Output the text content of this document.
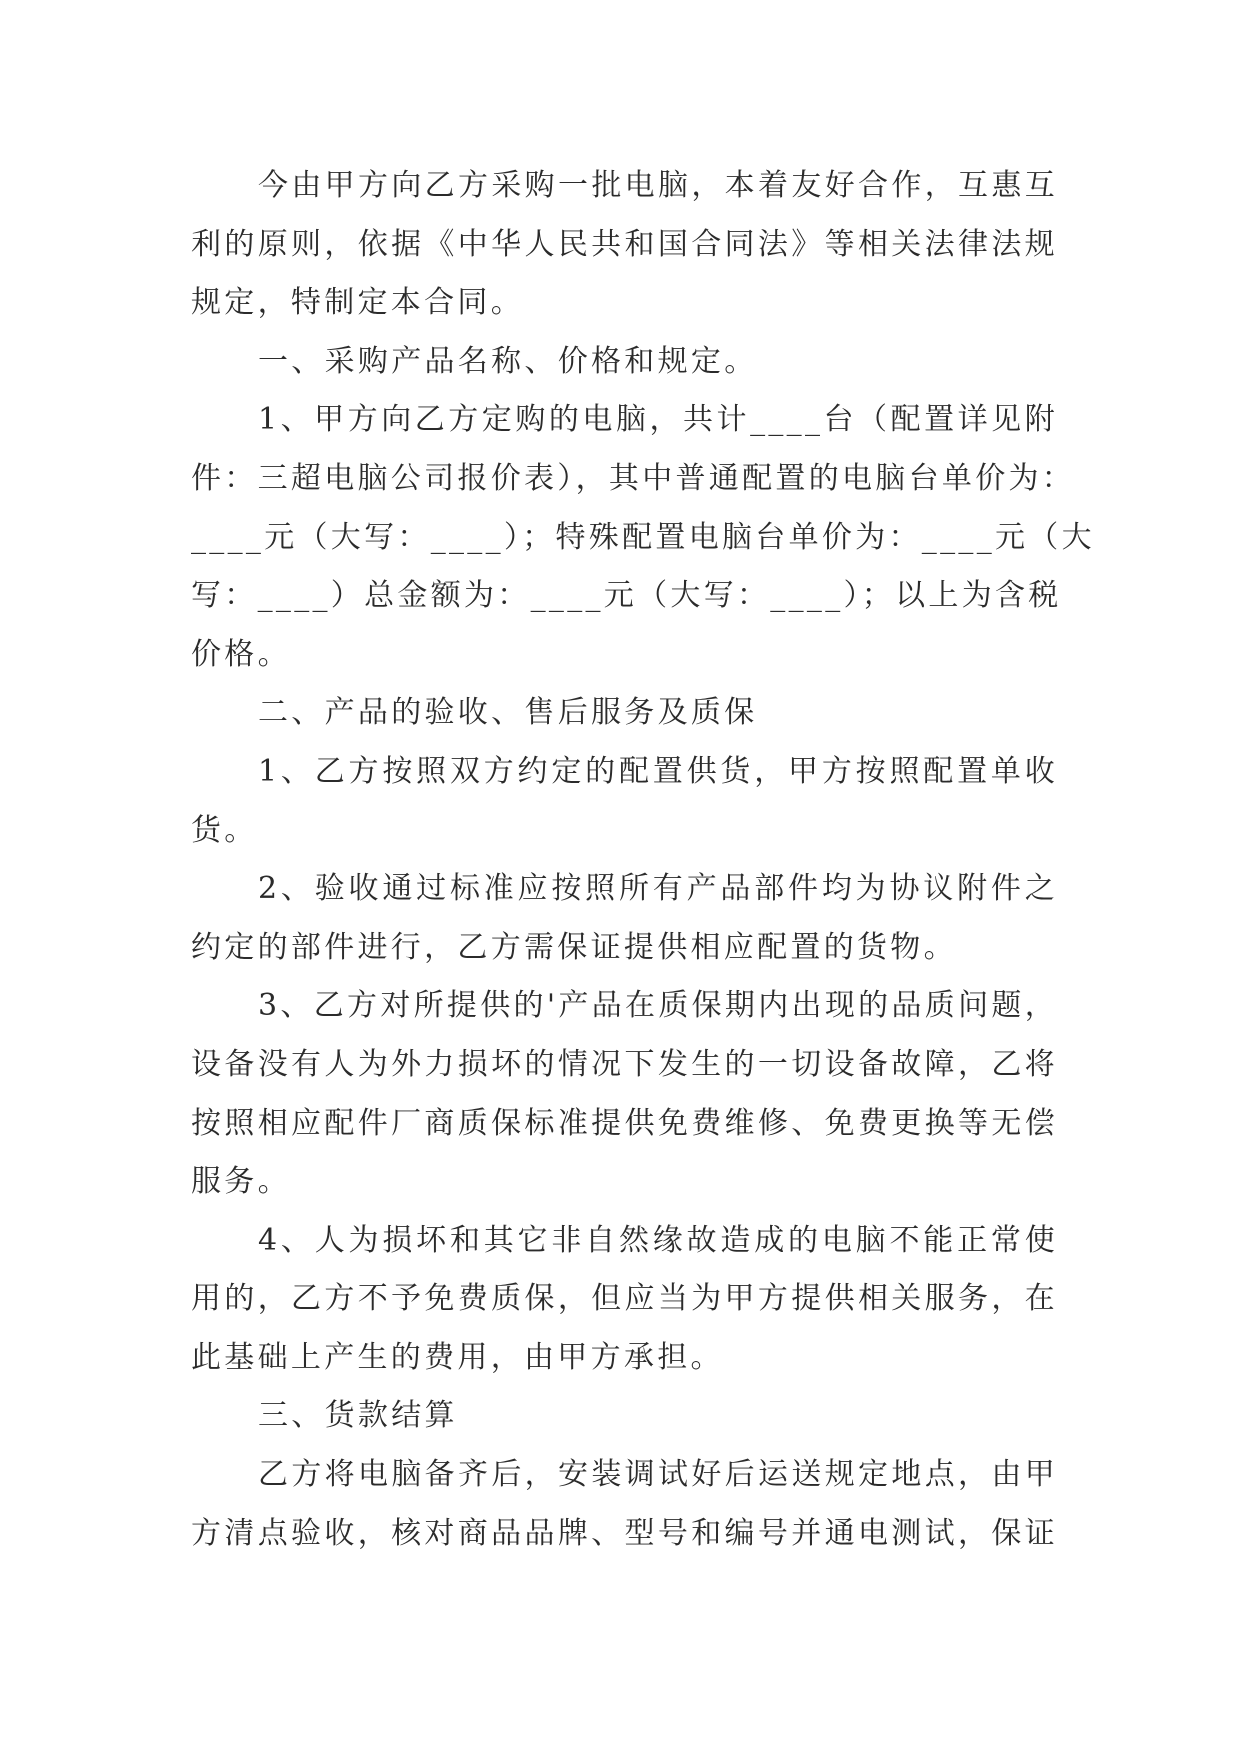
今由甲方向乙方采购一批电脑，本着友好合作，互惠互
利的原则，依据《中华人民共和国合同法》等相关法律法规
规定，特制定本合同。
一、采购产品名称、价格和规定。
1、甲方向乙方定购的电脑，共计____台（配置详见附
件：三超电脑公司报价表），其中普通配置的电脑台单价为：
____元（大写：____）；特殊配置电脑台单价为：____元（大
写：____）总金额为：____元（大写：____）；以上为含税
价格。
二、产品的验收、售后服务及质保
1、乙方按照双方约定的配置供货，甲方按照配置单收
货。
2、验收通过标准应按照所有产品部件均为协议附件之
约定的部件进行，乙方需保证提供相应配置的货物。
3、乙方对所提供的'产品在质保期内出现的品质问题，
设备没有人为外力损坏的情况下发生的一切设备故障，乙将
按照相应配件厂商质保标准提供免费维修、免费更换等无偿
服务。
4、人为损坏和其它非自然缘故造成的电脑不能正常使
用的，乙方不予免费质保，但应当为甲方提供相关服务，在
此基础上产生的费用，由甲方承担。
三、货款结算
乙方将电脑备齐后，安装调试好后运送规定地点，由甲
方清点验收，核对商品品牌、型号和编号并通电测试，保证
